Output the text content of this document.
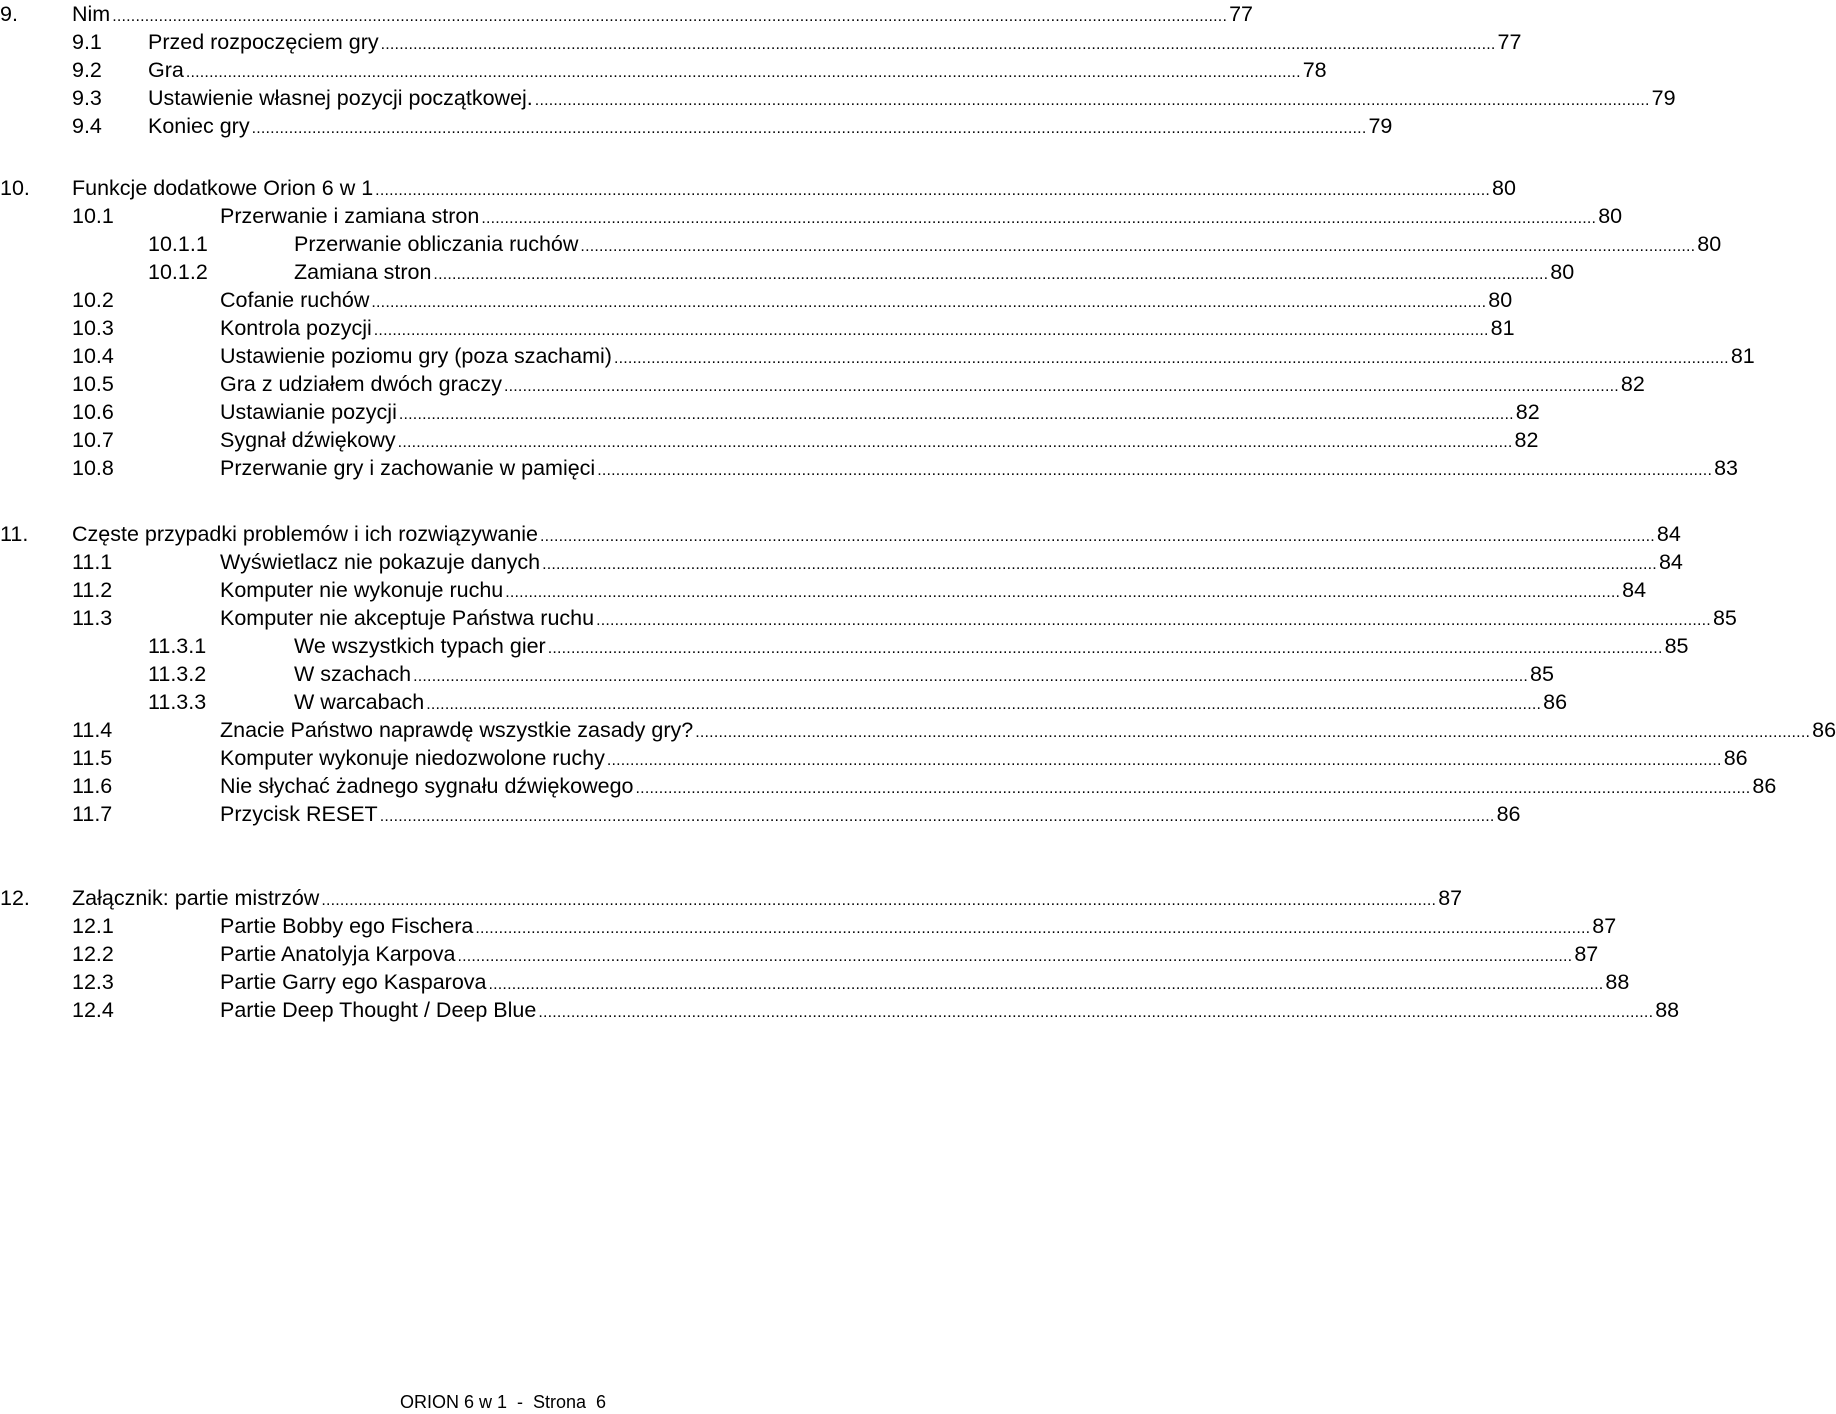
9.	Nim ................................................................................................................................................................................................................................................ 77
9.1 Przed rozpoczęciem gry ................................................................................................................................................................................................................................................ 77
9.2 Gra ................................................................................................................................................................................................................................................ 78
9.3 Ustawienie własnej pozycji początkowej. ................................................................................................................................................................................................................................................ 79
9.4 Koniec gry ................................................................................................................................................................................................................................................ 79
10. Funkcje dodatkowe Orion 6 w 1 ................................................................................................................................................................................................................................................ 80
10.1	Przerwanie i zamiana stron ................................................................................................................................................................................................................................................ 80
10.1.1	Przerwanie obliczania ruchów ................................................................................................................................................................................................................................................ 80
10.1.2	Zamiana stron ................................................................................................................................................................................................................................................ 80
10.2	Cofanie ruchów ................................................................................................................................................................................................................................................ 80
10.3	Kontrola pozycji ................................................................................................................................................................................................................................................ 81
10.4	Ustawienie poziomu gry (poza szachami) ................................................................................................................................................................................................................................................ 81
10.5	Gra z udziałem dwóch graczy ................................................................................................................................................................................................................................................ 82
10.6	Ustawianie pozycji ................................................................................................................................................................................................................................................ 82
10.7	Sygnał dźwiękowy ................................................................................................................................................................................................................................................ 82
10.8	Przerwanie gry i zachowanie w pamięci ................................................................................................................................................................................................................................................ 83
11. Częste przypadki problemów i ich rozwiązywanie ................................................................................................................................................................................................................................................ 84
11.1	Wyświetlacz nie pokazuje danych ................................................................................................................................................................................................................................................ 84
11.2	Komputer nie wykonuje ruchu ................................................................................................................................................................................................................................................ 84
11.3	Komputer nie akceptuje Państwa ruchu ................................................................................................................................................................................................................................................ 85
11.3.1	We wszystkich typach gier ................................................................................................................................................................................................................................................ 85
11.3.2	W szachach ................................................................................................................................................................................................................................................ 85
11.3.3	W warcabach ................................................................................................................................................................................................................................................ 86
11.4	Znacie Państwo naprawdę wszystkie zasady gry? ................................................................................................................................................................................................................................................ 86
11.5	Komputer wykonuje niedozwolone ruchy ................................................................................................................................................................................................................................................ 86
11.6	Nie słychać żadnego sygnału dźwiękowego ................................................................................................................................................................................................................................................ 86
11.7	Przycisk RESET ................................................................................................................................................................................................................................................ 86
12. Załącznik: partie mistrzów ................................................................................................................................................................................................................................................ 87
12.1	Partie Bobby ego Fischera ................................................................................................................................................................................................................................................ 87
12.2	Partie Anatolyja Karpova ................................................................................................................................................................................................................................................ 87
12.3	Partie Garry ego Kasparova ................................................................................................................................................................................................................................................ 88
12.4	Partie Deep Thought / Deep Blue ................................................................................................................................................................................................................................................ 88
ORION 6 w 1  -  Strona  6
